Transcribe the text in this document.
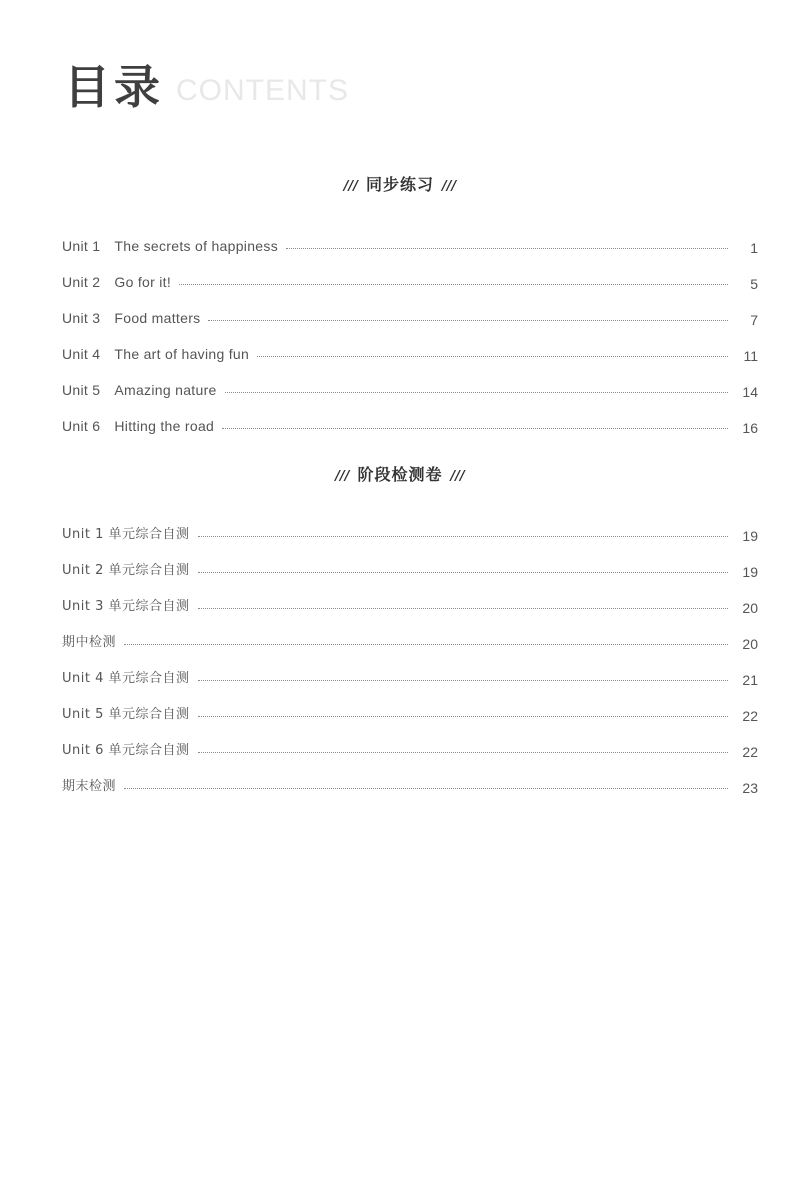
目录 CONTENTS
/// 同步练习 ///
Unit 1 The secrets of happiness	1
Unit 2 Go for it!	5
Unit 3 Food matters	7
Unit 4 The art of having fun	11
Unit 5 Amazing nature	14
Unit 6 Hitting the road	16
/// 阶段检测卷 ///
Unit 1 单元综合自测	19
Unit 2 单元综合自测	19
Unit 3 单元综合自测	20
期中检测	20
Unit 4 单元综合自测	21
Unit 5 单元综合自测	22
Unit 6 单元综合自测	22
期末检测	23
